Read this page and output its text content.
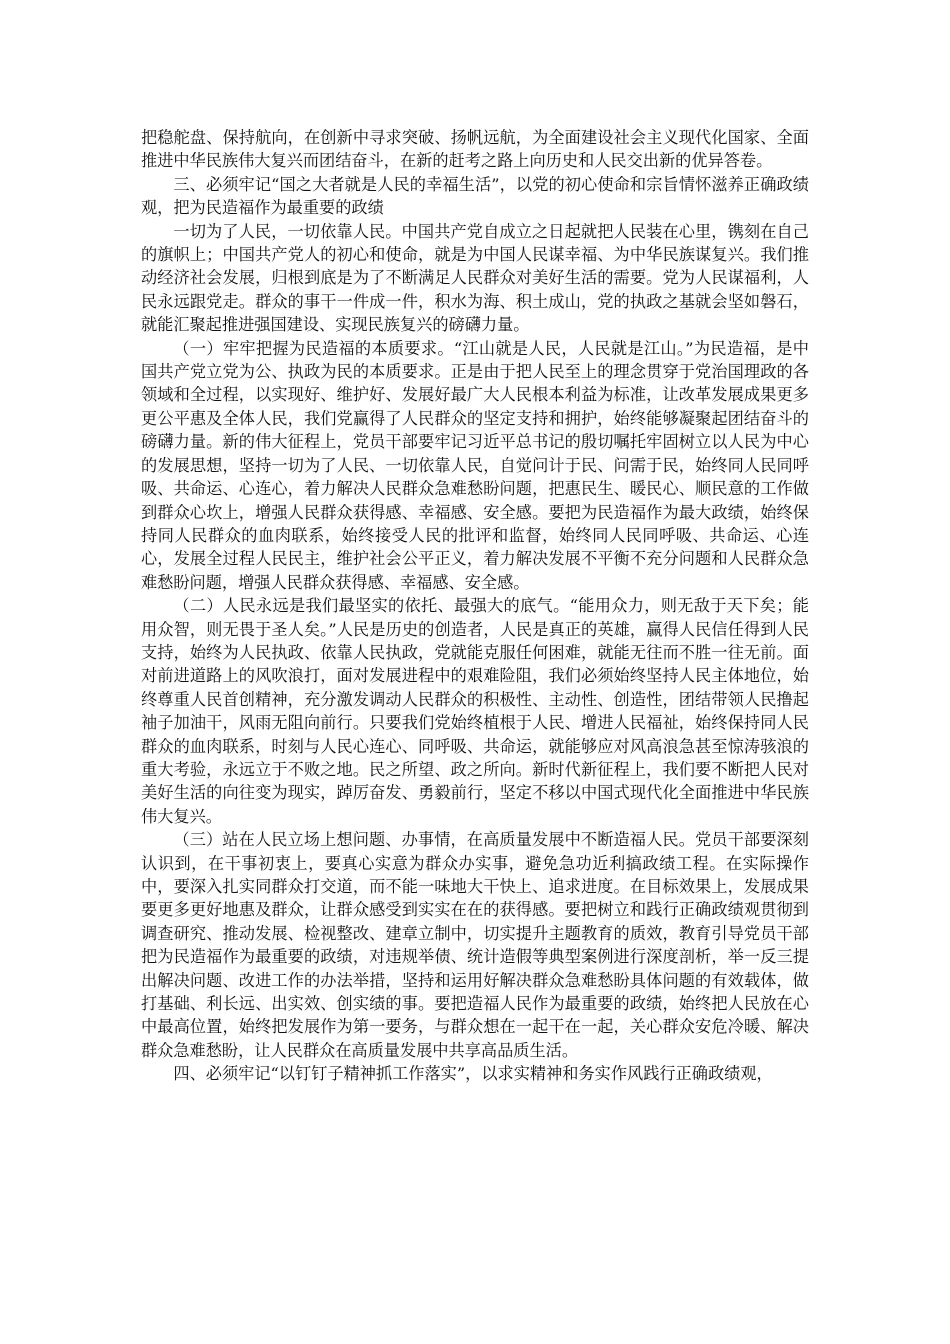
把稳舵盘、保持航向，在创新中寻求突破、扬帆远航，为全面建设社会主义现代化国家、全面推进中华民族伟大复兴而团结奋斗，在新的赶考之路上向历史和人民交出新的优异答卷。

三、必须牢记“国之大者就是人民的幸福生活”，以党的初心使命和宗旨情怀滋养正确政绩观，把为民造福作为最重要的政绩

一切为了人民，一切依靠人民。中国共产党自成立之日起就把人民装在心里，镌刻在自己的旗帜上；中国共产党人的初心和使命，就是为中国人民谋幸福、为中华民族谋复兴。我们推动经济社会发展，归根到底是为了不断满足人民群众对美好生活的需要。党为人民谋福利，人民永远跟党走。群众的事干一件成一件，积水为海、积土成山，党的执政之基就会坚如磐石，就能汇聚起推进强国建设、实现民族复兴的磅礴力量。

（一）牢牢把握为民造福的本质要求。“江山就是人民，人民就是江山。”为民造福，是中国共产党立党为公、执政为民的本质要求。正是由于把人民至上的理念贯穿于党治国理政的各领域和全过程，以实现好、维护好、发展好最广大人民根本利益为标准，让改革发展成果更多更公平惠及全体人民，我们党赢得了人民群众的坚定支持和拥护，始终能够凝聚起团结奋斗的磅礴力量。新的伟大征程上，党员干部要牢记习近平总书记的殷切嘱托牢固树立以人民为中心的发展思想，坚持一切为了人民、一切依靠人民，自觉问计于民、问需于民，始终同人民同呼吸、共命运、心连心，着力解决人民群众急难愁盼问题，把惠民生、暖民心、顺民意的工作做到群众心坎上，增强人民群众获得感、幸福感、安全感。要把为民造福作为最大政绩，始终保持同人民群众的血肉联系，始终接受人民的批评和监督，始终同人民同呼吸、共命运、心连心，发展全过程人民民主，维护社会公平正义，着力解决发展不平衡不充分问题和人民群众急难愁盼问题，增强人民群众获得感、幸福感、安全感。

（二）人民永远是我们最坚实的依托、最强大的底气。“能用众力，则无敌于天下矣；能用众智，则无畏于圣人矣。”人民是历史的创造者，人民是真正的英雄，赢得人民信任得到人民支持，始终为人民执政、依靠人民执政，党就能克服任何困难，就能无往而不胜一往无前。面对前进道路上的风吹浪打，面对发展进程中的艰难险阻，我们必须始终坚持人民主体地位，始终尊重人民首创精神，充分激发调动人民群众的积极性、主动性、创造性，团结带领人民撸起袖子加油干，风雨无阻向前行。只要我们党始终植根于人民、增进人民福祉，始终保持同人民群众的血肉联系，时刻与人民心连心、同呼吸、共命运，就能够应对风高浪急甚至惊涛骇浪的重大考验，永远立于不败之地。民之所望、政之所向。新时代新征程上，我们要不断把人民对美好生活的向往变为现实，踔厉奋发、勇毅前行，坚定不移以中国式现代化全面推进中华民族伟大复兴。

（三）站在人民立场上想问题、办事情，在高质量发展中不断造福人民。党员干部要深刻认识到，在干事初衷上，要真心实意为群众办实事，避免急功近利搞政绩工程。在实际操作中，要深入扎实同群众打交道，而不能一味地大干快上、追求进度。在目标效果上，发展成果要更多更好地惠及群众，让群众感受到实实在在的获得感。要把树立和践行正确政绩观贯彻到调查研究、推动发展、检视整改、建章立制中，切实提升主题教育的质效，教育引导党员干部把为民造福作为最重要的政绩，对违规举债、统计造假等典型案例进行深度剖析，举一反三提出解决问题、改进工作的办法举措，坚持和运用好解决群众急难愁盼具体问题的有效载体，做打基础、利长远、出实效、创实绩的事。要把造福人民作为最重要的政绩，始终把人民放在心中最高位置，始终把发展作为第一要务，与群众想在一起干在一起，关心群众安危冷暖、解决群众急难愁盼，让人民群众在高质量发展中共享高品质生活。

四、必须牢记“以钉钉子精神抓工作落实”，以求实精神和务实作风践行正确政绩观，
